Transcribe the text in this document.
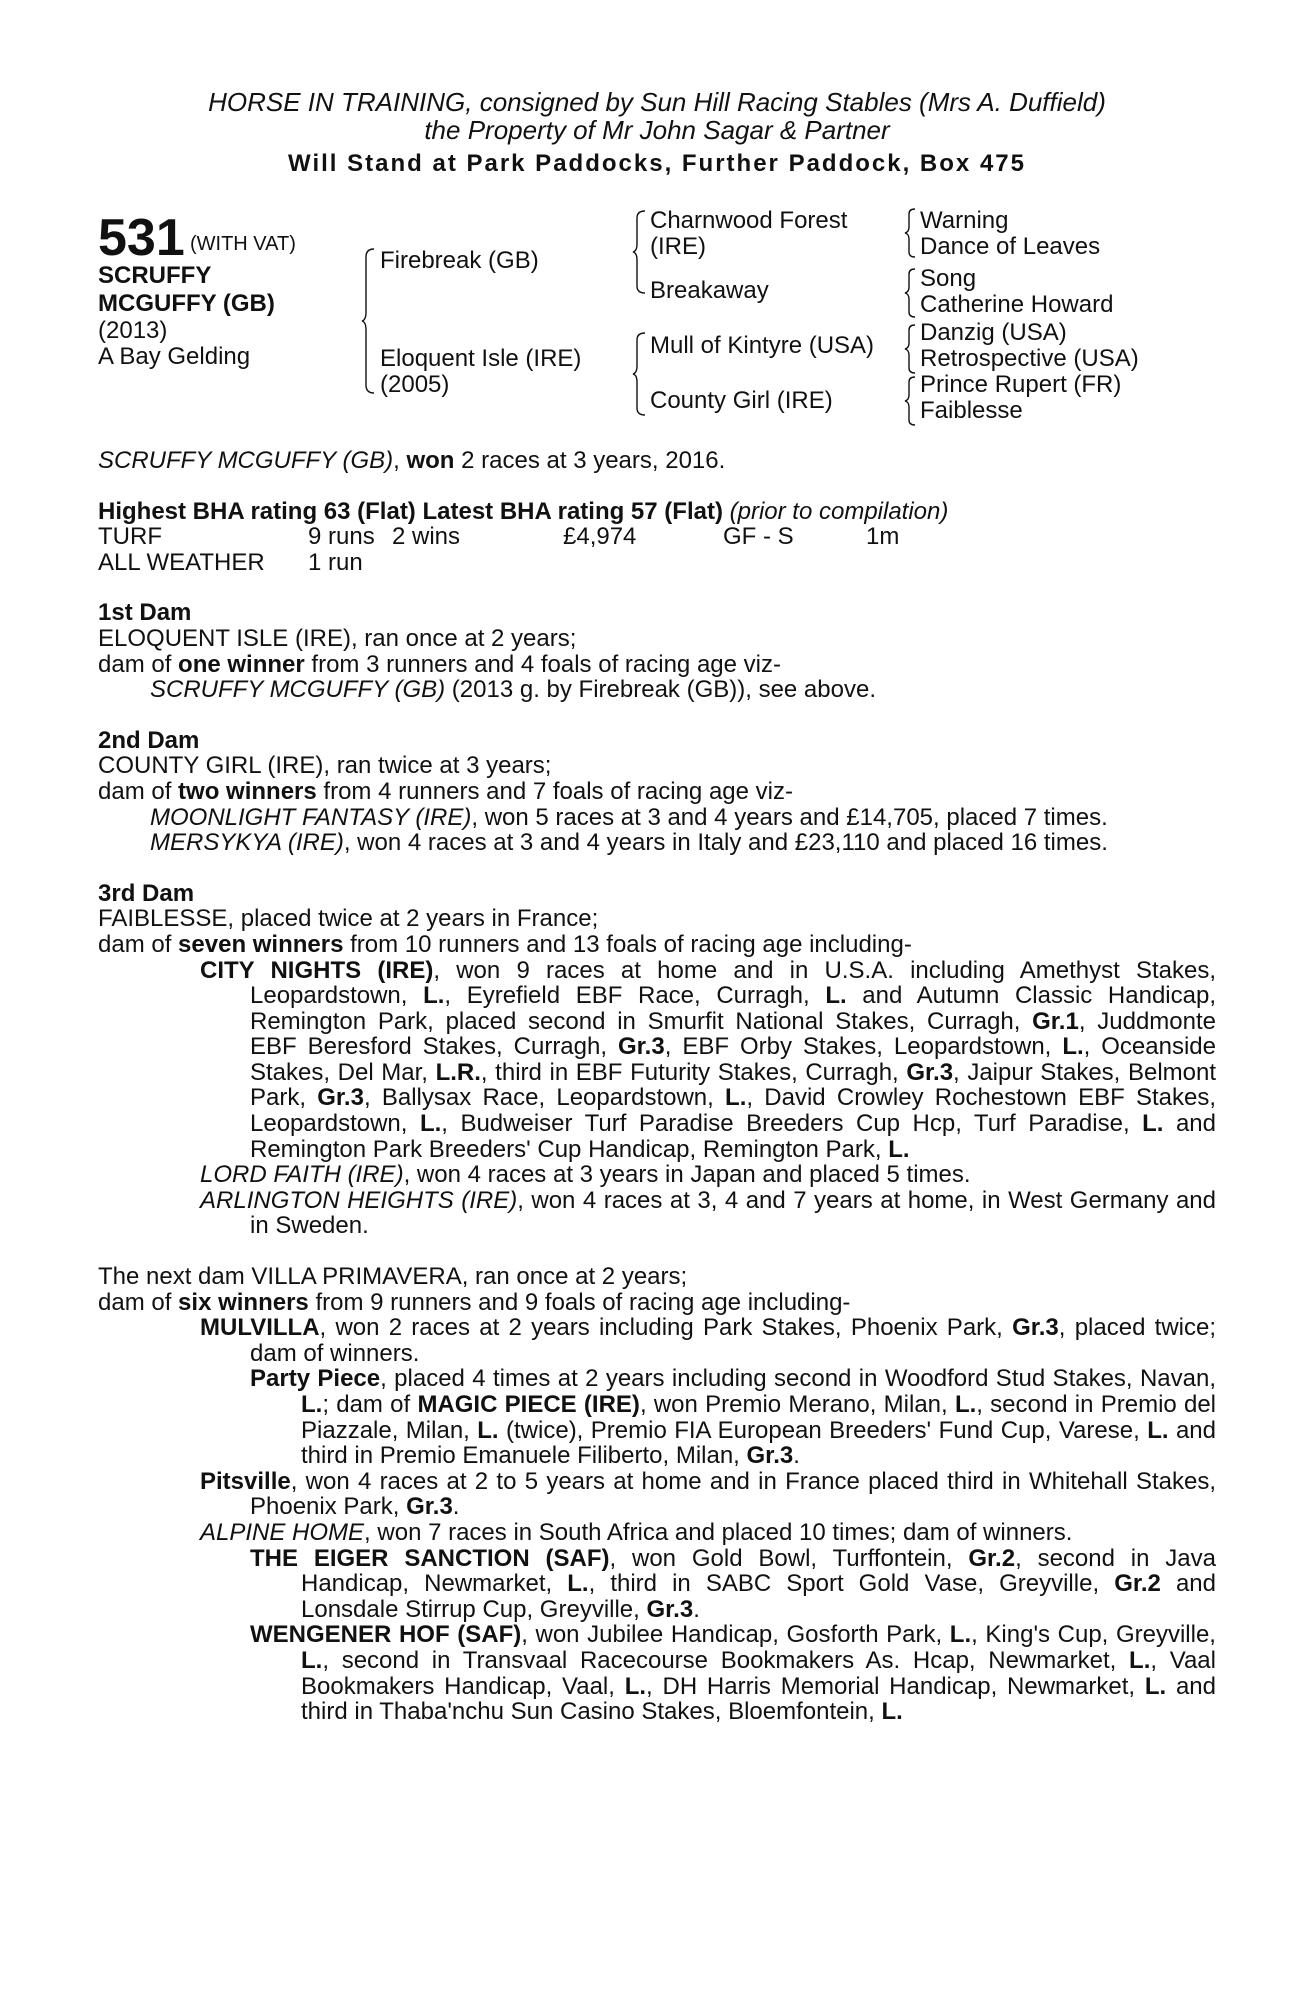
HORSE IN TRAINING, consigned by Sun Hill Racing Stables (Mrs A. Duffield)
the Property of Mr John Sagar & Partner
Will Stand at Park Paddocks, Further Paddock, Box 475
531 (WITH VAT)
SCRUFFY
MCGUFFY (GB)
(2013)
A Bay Gelding
Firebreak (GB)
Eloquent Isle (IRE)
(2005)
Charnwood Forest
(IRE)
Breakaway
Mull of Kintyre (USA)
County Girl (IRE)
Warning
Dance of Leaves
Song
Catherine Howard
Danzig (USA)
Retrospective (USA)
Prince Rupert (FR)
Faiblesse

SCRUFFY MCGUFFY (GB), won 2 races at 3 years, 2016.

Highest BHA rating 63 (Flat) Latest BHA rating 57 (Flat) (prior to compilation)

TURF	9 runs 2 wins	£4,974	GF - S	1m
ALL WEATHER 1 run

1st Dam

ELOQUENT ISLE (IRE), ran once at 2 years;

dam of one winner from 3 runners and 4 foals of racing age viz-

SCRUFFY MCGUFFY (GB) (2013 g. by Firebreak (GB)), see above.

2nd Dam

COUNTY GIRL (IRE), ran twice at 3 years;

dam of two winners from 4 runners and 7 foals of racing age viz-

MOONLIGHT FANTASY (IRE), won 5 races at 3 and 4 years and £14,705, placed 7 times.

MERSYKYA (IRE), won 4 races at 3 and 4 years in Italy and £23,110 and placed 16 times.

3rd Dam

FAIBLESSE, placed twice at 2 years in France;

dam of seven winners from 10 runners and 13 foals of racing age including-

CITY NIGHTS (IRE), won 9 races at home and in U.S.A. including Amethyst Stakes, Leopardstown, L., Eyrefield EBF Race, Curragh, L. and Autumn Classic Handicap, Remington Park, placed second in Smurfit National Stakes, Curragh, Gr.1, Juddmonte EBF Beresford Stakes, Curragh, Gr.3, EBF Orby Stakes, Leopardstown, L., Oceanside Stakes, Del Mar, L.R., third in EBF Futurity Stakes, Curragh, Gr.3, Jaipur Stakes, Belmont Park, Gr.3, Ballysax Race, Leopardstown, L., David Crowley Rochestown EBF Stakes, Leopardstown, L., Budweiser Turf Paradise Breeders Cup Hcp, Turf Paradise, L. and Remington Park Breeders' Cup Handicap, Remington Park, L.

LORD FAITH (IRE), won 4 races at 3 years in Japan and placed 5 times.

ARLINGTON HEIGHTS (IRE), won 4 races at 3, 4 and 7 years at home, in West Germany and in Sweden.

The next dam VILLA PRIMAVERA, ran once at 2 years;

dam of six winners from 9 runners and 9 foals of racing age including-

MULVILLA, won 2 races at 2 years including Park Stakes, Phoenix Park, Gr.3, placed twice; dam of winners.

Party Piece, placed 4 times at 2 years including second in Woodford Stud Stakes, Navan, L.; dam of MAGIC PIECE (IRE), won Premio Merano, Milan, L., second in Premio del Piazzale, Milan, L. (twice), Premio FIA European Breeders' Fund Cup, Varese, L. and third in Premio Emanuele Filiberto, Milan, Gr.3.

Pitsville, won 4 races at 2 to 5 years at home and in France placed third in Whitehall Stakes, Phoenix Park, Gr.3.

ALPINE HOME, won 7 races in South Africa and placed 10 times; dam of winners.

THE EIGER SANCTION (SAF), won Gold Bowl, Turffontein, Gr.2, second in Java Handicap, Newmarket, L., third in SABC Sport Gold Vase, Greyville, Gr.2 and Lonsdale Stirrup Cup, Greyville, Gr.3.

WENGENER HOF (SAF), won Jubilee Handicap, Gosforth Park, L., King's Cup, Greyville, L., second in Transvaal Racecourse Bookmakers As. Hcap, Newmarket, L., Vaal Bookmakers Handicap, Vaal, L., DH Harris Memorial Handicap, Newmarket, L. and third in Thaba'nchu Sun Casino Stakes, Bloemfontein, L.
